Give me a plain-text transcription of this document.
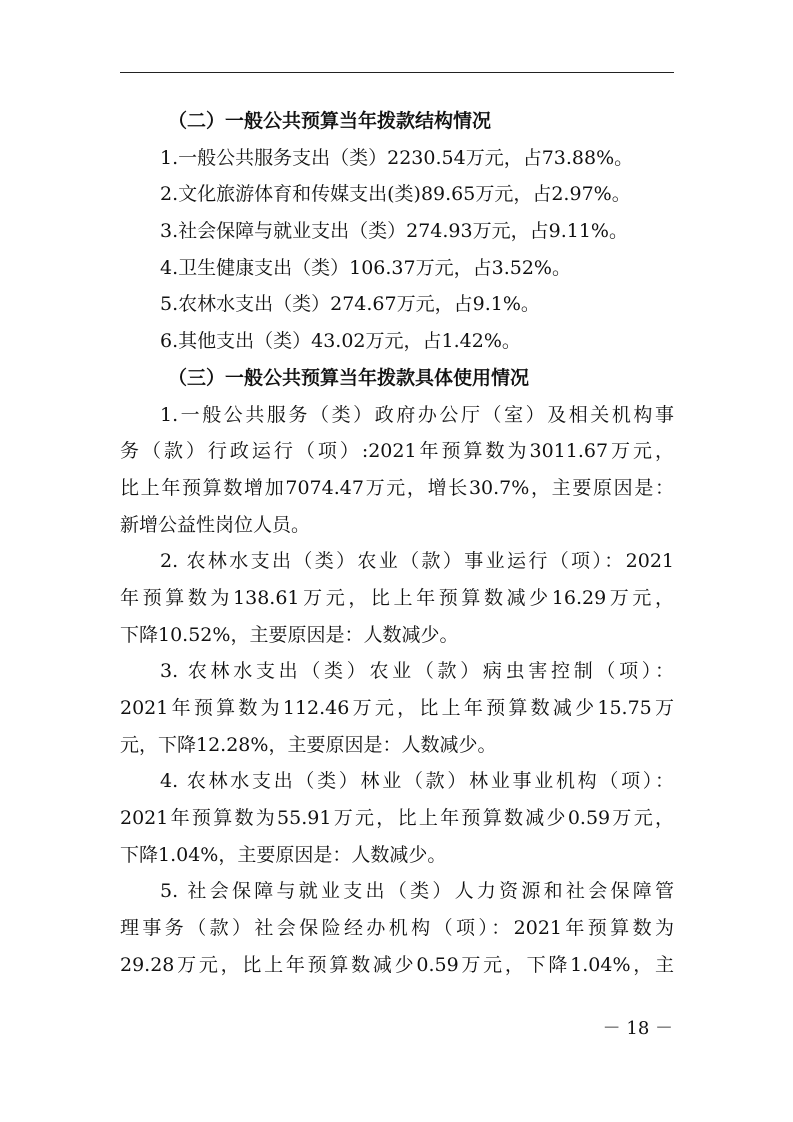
（二）一般公共预算当年拨款结构情况
1.一般公共服务支出（类）2230.54万元，占73.88%。
2.文化旅游体育和传媒支出(类)89.65万元，占2.97%。
3.社会保障与就业支出（类）274.93万元，占9.11%。
4.卫生健康支出（类）106.37万元，占3.52%。
5.农林水支出（类）274.67万元，占9.1%。
6.其他支出（类）43.02万元，占1.42%。
（三）一般公共预算当年拨款具体使用情况
1.一般公共服务（类）政府办公厅（室）及相关机构事
务（款）行政运行（项）:2021年预算数为3011.67万元，
比上年预算数增加7074.47万元，增长30.7%，主要原因是：
新增公益性岗位人员。
2. 农林水支出（类）农业（款）事业运行（项）：2021
年预算数为138.61万元，比上年预算数减少16.29万元，
下降10.52%，主要原因是：人数减少。
3. 农林水支出（类）农业（款）病虫害控制（项）：
2021年预算数为112.46万元，比上年预算数减少15.75万
元，下降12.28%，主要原因是：人数减少。
4. 农林水支出（类）林业（款）林业事业机构（项）：
2021年预算数为55.91万元，比上年预算数减少0.59万元，
下降1.04%，主要原因是：人数减少。
5. 社会保障与就业支出（类）人力资源和社会保障管
理事务（款）社会保险经办机构（项）：2021年预算数为
29.28万元，比上年预算数减少0.59万元，下降1.04%，主
－ 18 －
